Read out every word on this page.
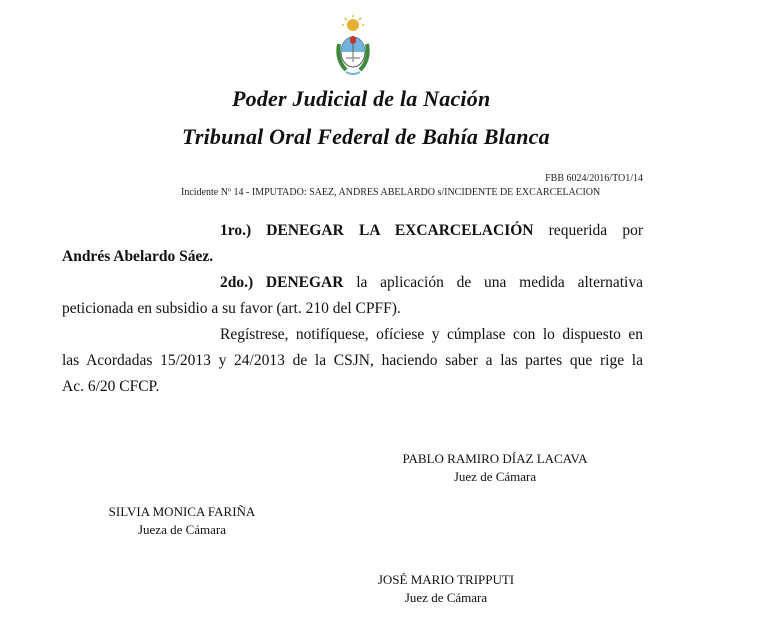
Poder Judicial de la Nación
Tribunal Oral Federal de Bahía Blanca
FBB 6024/2016/TO1/14
Incidente Nº 14 - IMPUTADO: SAEZ, ANDRES ABELARDO s/INCIDENTE DE EXCARCELACION
1ro.) DENEGAR LA EXCARCELACIÓN requerida por
Andrés Abelardo Sáez.
2do.) DENEGAR la aplicación de una medida alternativa
peticionada en subsidio a su favor (art. 210 del CPFF).
Regístrese, notifíquese, ofíciese y cúmplase con lo dispuesto en
las Acordadas 15/2013 y 24/2013 de la CSJN, haciendo saber a las partes que rige la
Ac. 6/20 CFCP.
PABLO RAMIRO DÍAZ LACAVA
Juez de Cámara
SILVIA MONICA FARIÑA
Jueza de Cámara
JOSÉ MARIO TRIPPUTI
Juez de Cámara
